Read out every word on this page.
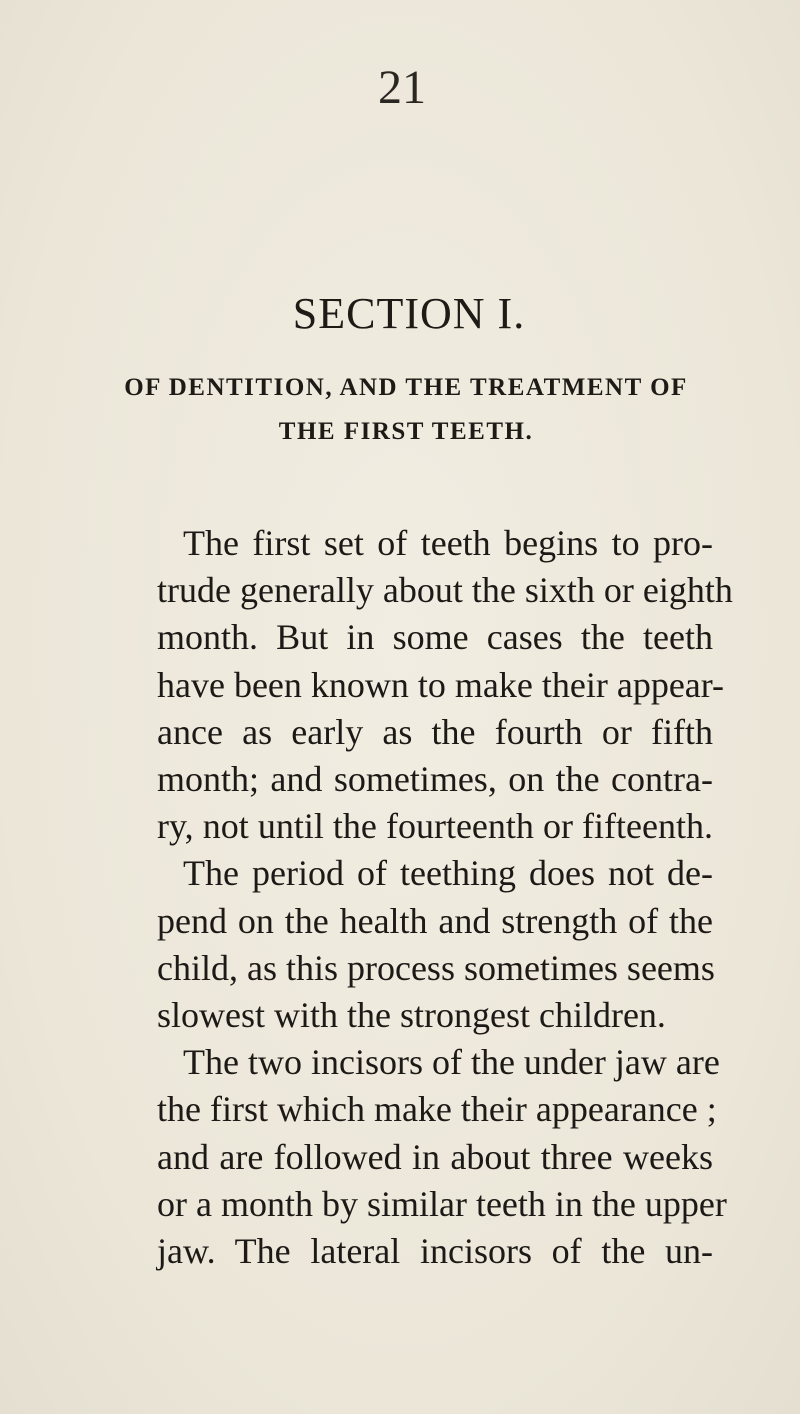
21
SECTION I.
OF DENTITION, AND THE TREATMENT OF
THE FIRST TEETH.
The first set of teeth begins to pro-
trude generally about the sixth or eighth
month. But in some cases the teeth
have been known to make their appear-
ance as early as the fourth or fifth
month; and sometimes, on the contra-
ry, not until the fourteenth or fifteenth.
The period of teething does not de-
pend on the health and strength of the
child, as this process sometimes seems
slowest with the strongest children.
The two incisors of the under jaw are
the first which make their appearance ;
and are followed in about three weeks
or a month by similar teeth in the upper
jaw. The lateral incisors of the un-
